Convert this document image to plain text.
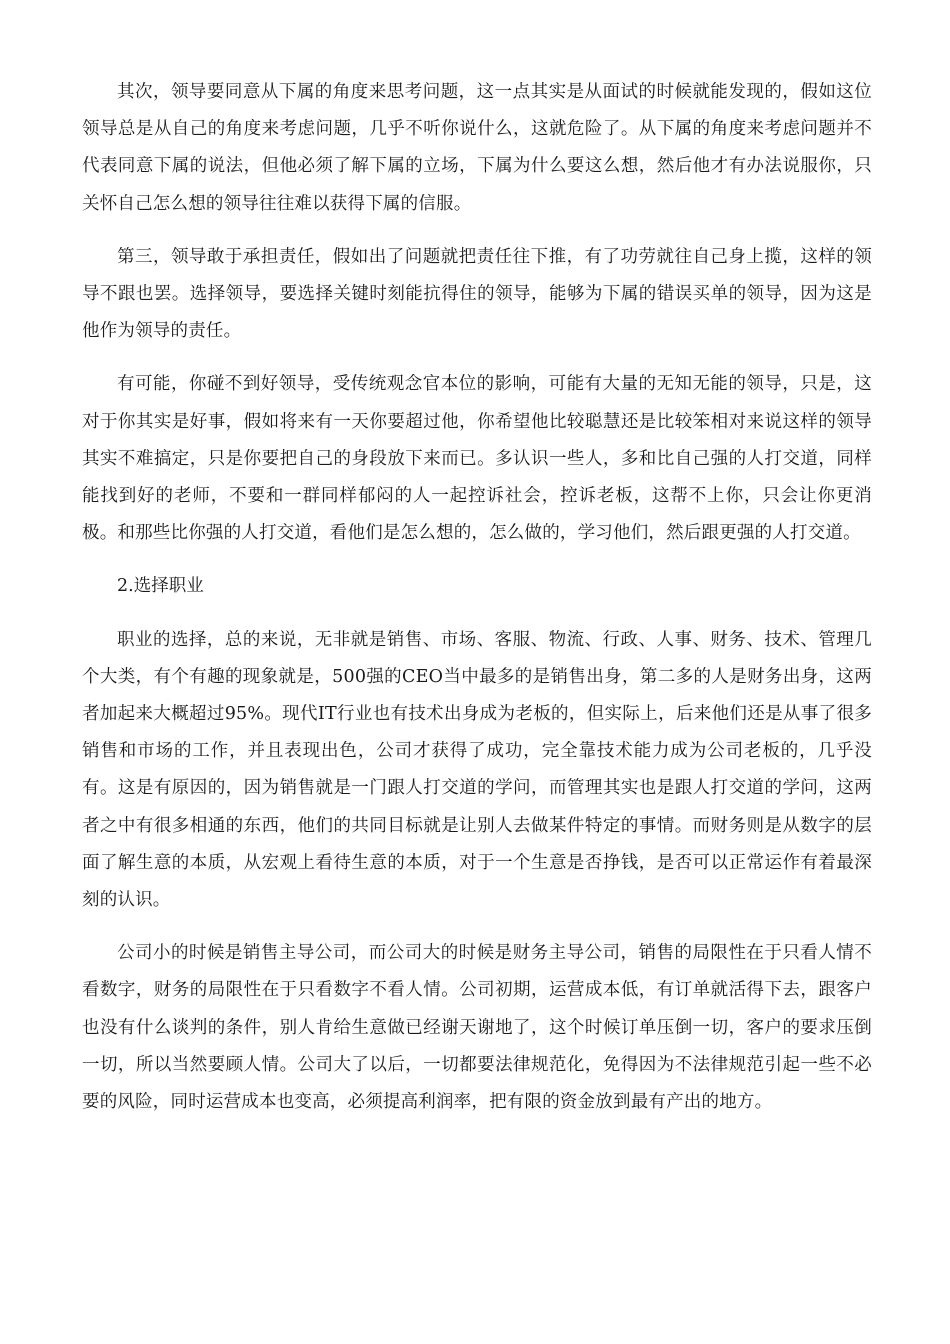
其次，领导要同意从下属的角度来思考问题，这一点其实是从面试的时候就能发现的，假如这位领导总是从自己的角度来考虑问题，几乎不听你说什么，这就危险了。从下属的角度来考虑问题并不代表同意下属的说法，但他必须了解下属的立场，下属为什么要这么想，然后他才有办法说服你，只关怀自己怎么想的领导往往难以获得下属的信服。

第三，领导敢于承担责任，假如出了问题就把责任往下推，有了功劳就往自己身上揽，这样的领导不跟也罢。选择领导，要选择关键时刻能抗得住的领导，能够为下属的错误买单的领导，因为这是他作为领导的责任。

有可能，你碰不到好领导，受传统观念官本位的影响，可能有大量的无知无能的领导，只是，这对于你其实是好事，假如将来有一天你要超过他，你希望他比较聪慧还是比较笨相对来说这样的领导其实不难搞定，只是你要把自己的身段放下来而已。多认识一些人，多和比自己强的人打交道，同样能找到好的老师，不要和一群同样郁闷的人一起控诉社会，控诉老板，这帮不上你，只会让你更消极。和那些比你强的人打交道，看他们是怎么想的，怎么做的，学习他们，然后跟更强的人打交道。

2.选择职业

职业的选择，总的来说，无非就是销售、市场、客服、物流、行政、人事、财务、技术、管理几个大类，有个有趣的现象就是，500强的CEO当中最多的是销售出身，第二多的人是财务出身，这两者加起来大概超过95%。现代IT行业也有技术出身成为老板的，但实际上，后来他们还是从事了很多销售和市场的工作，并且表现出色，公司才获得了成功，完全靠技术能力成为公司老板的，几乎没有。这是有原因的，因为销售就是一门跟人打交道的学问，而管理其实也是跟人打交道的学问，这两者之中有很多相通的东西，他们的共同目标就是让别人去做某件特定的事情。而财务则是从数字的层面了解生意的本质，从宏观上看待生意的本质，对于一个生意是否挣钱，是否可以正常运作有着最深刻的认识。

公司小的时候是销售主导公司，而公司大的时候是财务主导公司，销售的局限性在于只看人情不看数字，财务的局限性在于只看数字不看人情。公司初期，运营成本低，有订单就活得下去，跟客户也没有什么谈判的条件，别人肯给生意做已经谢天谢地了，这个时候订单压倒一切，客户的要求压倒一切，所以当然要顾人情。公司大了以后，一切都要法律规范化，免得因为不法律规范引起一些不必要的风险，同时运营成本也变高，必须提高利润率，把有限的资金放到最有产出的地方。
